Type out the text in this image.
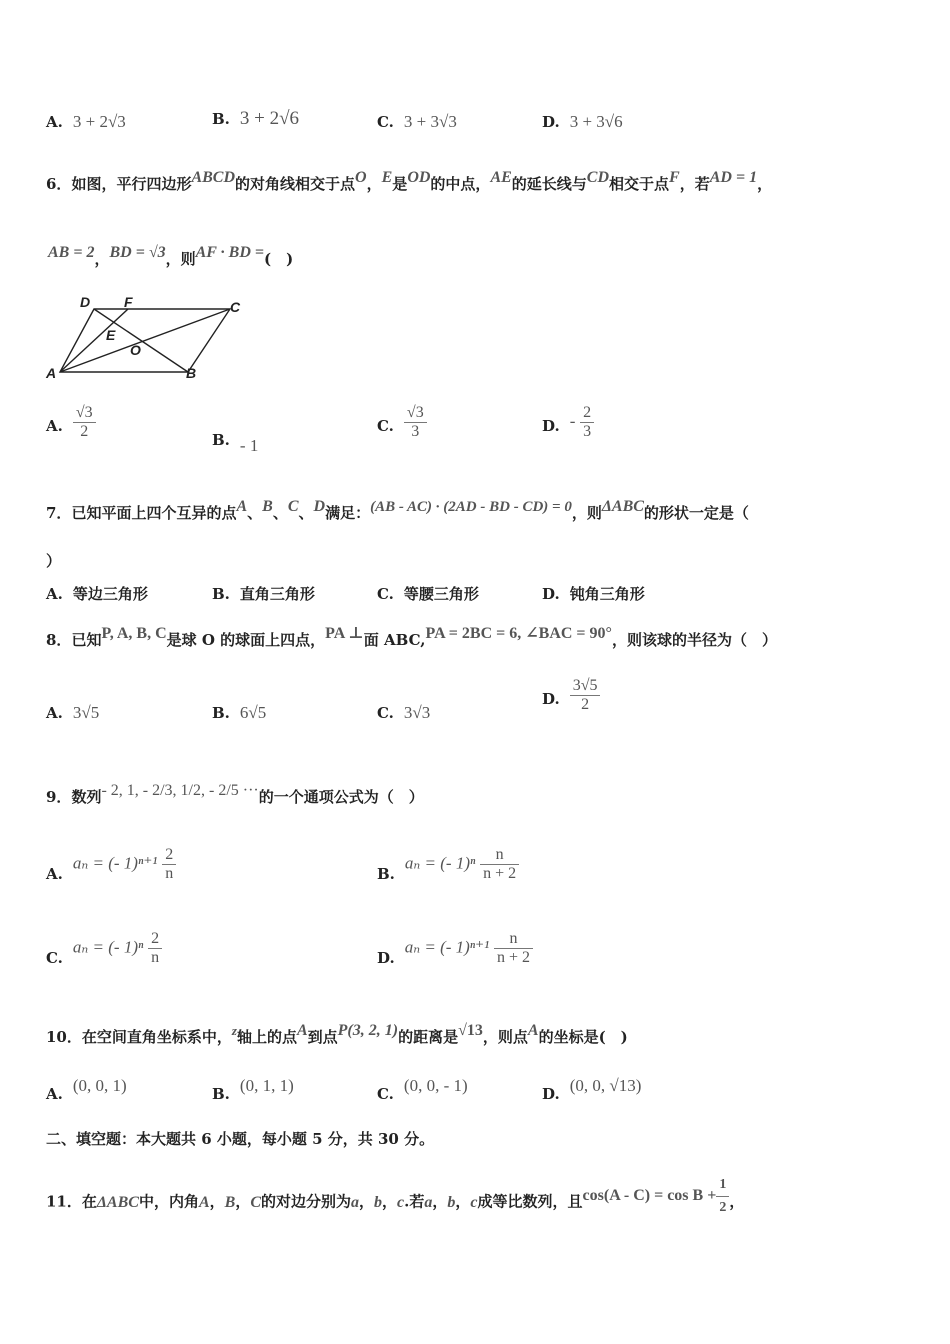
A. 3 + 2√3	B. 3 + 2√6	C. 3 + 3√3	D. 3 + 3√6
6．如图，平行四边形ABCD的对角线相交于点O，E是OD的中点，AE的延长线与CD相交于点F，若AD = 1，
AB = 2，BD = √3，则AF · BD =(　)
D F	C
E
O
A	B
A. $\frac{√3}{2}$	B. - 1
C. $\frac{√3}{3}$	D. - $\frac{2}{3}$
7．已知平面上四个互异的点A、B、C、D满足：(AB - AC) · (2AD - BD - CD) = 0，则ΔABC的形状一定是（
）
A. 等边三角形	B. 直角三角形	C. 等腰三角形	D. 钝角三角形
8．已知P, A, B, C是球 O 的球面上四点，PA ⊥面 ABC,PA = 2BC = 6, ∠BAC = 90°，则该球的半径为（　）
A. 3√5	B. 6√5	C. 3√3
D. $\frac{3√5}{2}$
9．数列- 2, 1, - 2/3, 1/2, - 2/5 ···的一个通项公式为（　）
A.aₙ = (- $1)^{n+1} \frac{2}{n}$	B.aₙ = (- $1)^n \frac{n}{n + 2}$
C.aₙ = (- $1)^n \frac{2}{n}$	D.aₙ = (- $1)^{n+1} \frac{n}{n + 2}$
10．在空间直角坐标系中，z轴上的点A到点P(3, 2, 1)的距离是√13，则点A的坐标是(　)
A. (0, 0, 1)	B. (0, 1, 1)	C. (0, 0, - 1)	D. (0, 0, √13)
二、填空题：本大题共 6 小题，每小题 5 分，共 30 分。
11．在ΔABC中，内角A，B，C的对边分别为a，b，c.若a，b，c成等比数列，且$\cos(A - C) = \cos B + \frac{1}{2}$ ，
